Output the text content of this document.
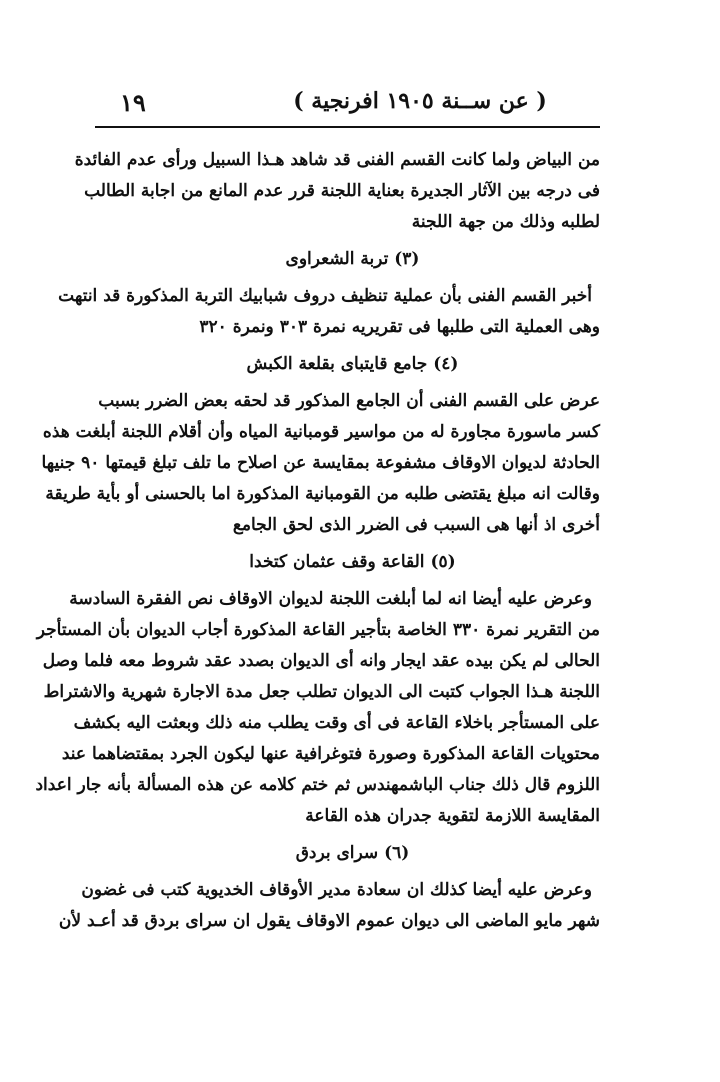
( عن ســنة ١٩٠٥ افرنجية )
١٩
من البياض ولما كانت القسم الفنى قد شاهد هـذا السبيل ورأى عدم الفائدة
فى درجه بين الآثار الجديرة بعناية اللجنة قرر عدم المانع من اجابة الطالب
لطلبه وذلك من جهة اللجنة
(٣) تربة الشعراوى
أخبر القسم الفنى بأن عملية تنظيف دروف شبابيك التربة المذكورة قد انتهت
وهى العملية التى طلبها فى تقريريه نمرة ٣٠٣ ونمرة ٣٢٠
(٤) جامع قايتباى بقلعة الكبش
عرض على القسم الفنى أن الجامع المذكور قد لحقه بعض الضرر بسبب
كسر ماسورة مجاورة له من مواسير قومبانية المياه وأن أقلام اللجنة أبلغت هذه
الحادثة لديوان الاوقاف مشفوعة بمقايسة عن اصلاح ما تلف تبلغ قيمتها ٩٠ جنيها
وقالت انه مبلغ يقتضى طلبه من القومبانية المذكورة اما بالحسنى أو بأية طريقة
أخرى اذ أنها هى السبب فى الضرر الذى لحق الجامع
(٥) القاعة وقف عثمان كتخدا
وعرض عليه أيضا انه لما أبلغت اللجنة لديوان الاوقاف نص الفقرة السادسة
من التقرير نمرة ٣٣٠ الخاصة بتأجير القاعة المذكورة أجاب الديوان بأن المستأجر
الحالى لم يكن بيده عقد ايجار وانه أى الديوان بصدد عقد شروط معه فلما وصل
اللجنة هـذا الجواب كتبت الى الديوان تطلب جعل مدة الاجارة شهرية والاشتراط
على المستأجر باخلاء القاعة فى أى وقت يطلب منه ذلك وبعثت اليه بكشف
محتويات القاعة المذكورة وصورة فتوغرافية عنها ليكون الجرد بمقتضاهما عند
اللزوم قال ذلك جناب الباشمهندس ثم ختم كلامه عن هذه المسألة بأنه جار اعداد
المقايسة اللازمة لتقوية جدران هذه القاعة
(٦) سراى بردق
وعرض عليه أيضا كذلك ان سعادة مدير الأوقاف الخديوية كتب فى غضون
شهر مايو الماضى الى ديوان عموم الاوقاف يقول ان سراى بردق قد أعـد لأن
